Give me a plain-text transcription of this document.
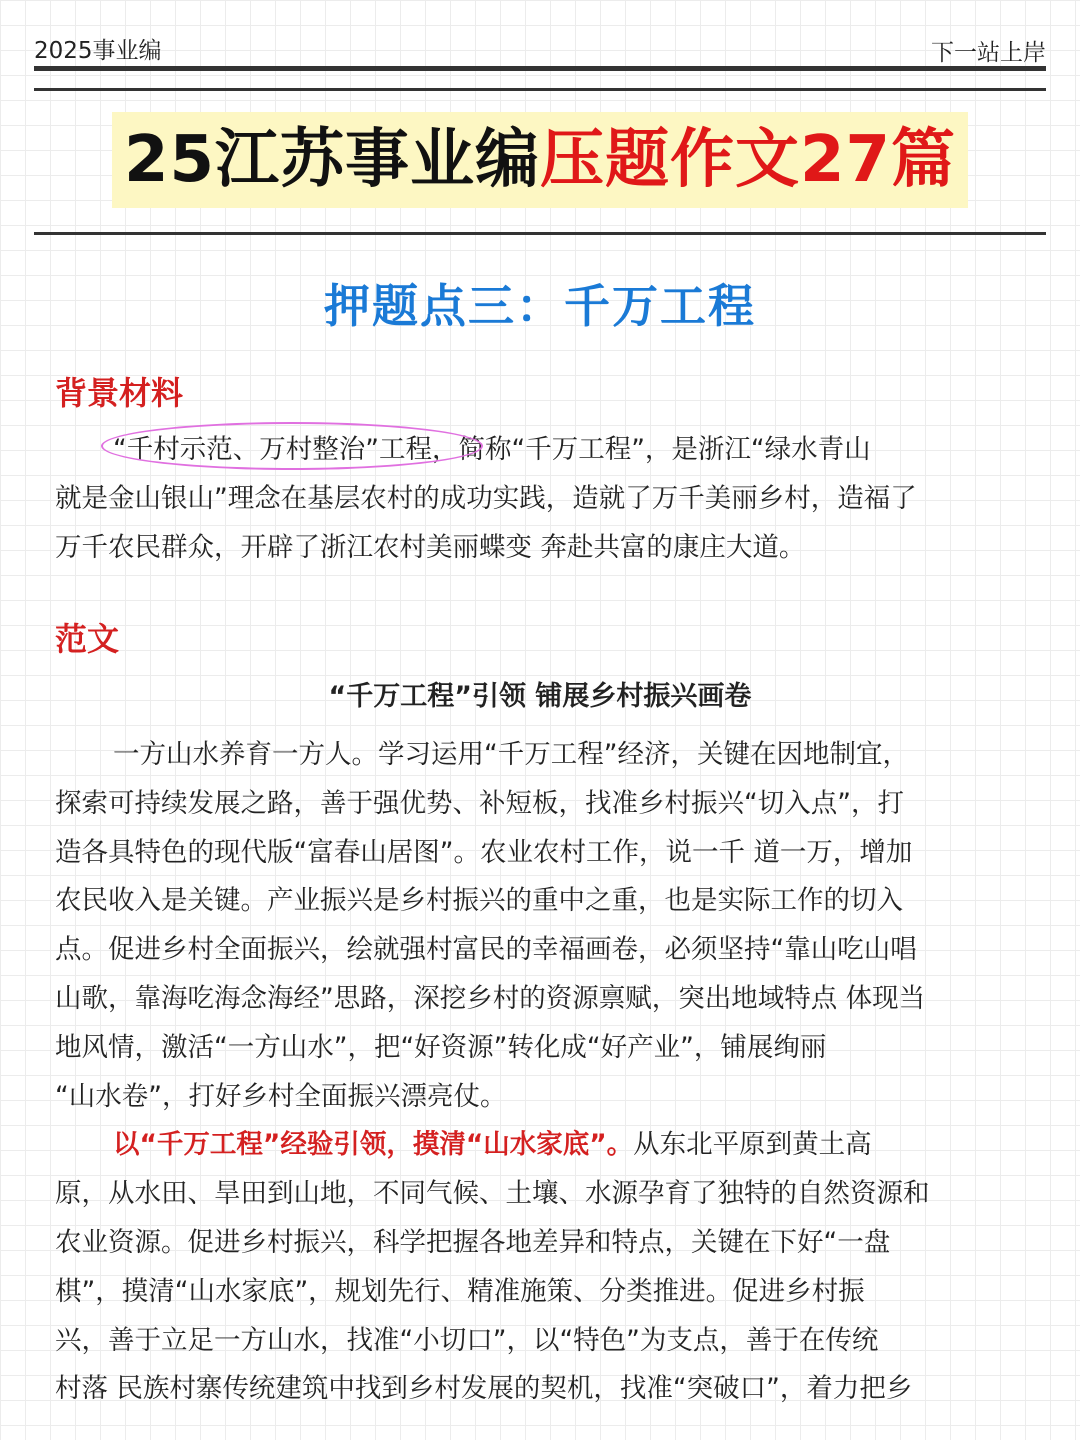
2025事业编	下一站上岸
25江苏事业编压题作文27篇
押题点三：千万工程
背景材料
“千村示范、万村整治”工程，简称“千万工程”，是浙江“绿水青山
就是金山银山”理念在基层农村的成功实践，造就了万千美丽乡村，造福了
万千农民群众，开辟了浙江农村美丽蝶变 奔赴共富的康庄大道。
范文
“千万工程”引领 铺展乡村振兴画卷
一方山水养育一方人。学习运用“千万工程”经济，关键在因地制宜，
探索可持续发展之路，善于强优势、补短板，找准乡村振兴“切入点”，打
造各具特色的现代版“富春山居图”。农业农村工作，说一千 道一万，增加
农民收入是关键。产业振兴是乡村振兴的重中之重，也是实际工作的切入
点。促进乡村全面振兴，绘就强村富民的幸福画卷，必须坚持“靠山吃山唱
山歌，靠海吃海念海经”思路，深挖乡村的资源禀赋，突出地域特点 体现当
地风情，激活“一方山水”，把“好资源”转化成“好产业”，铺展绚丽
“山水卷”，打好乡村全面振兴漂亮仗。
以“千万工程”经验引领，摸清“山水家底”。从东北平原到黄土高
原，从水田、旱田到山地，不同气候、土壤、水源孕育了独特的自然资源和
农业资源。促进乡村振兴，科学把握各地差异和特点，关键在下好“一盘
棋”，摸清“山水家底”，规划先行、精准施策、分类推进。促进乡村振
兴，善于立足一方山水，找准“小切口”，以“特色”为支点，善于在传统
村落 民族村寨传统建筑中找到乡村发展的契机，找准“突破口”，着力把乡
